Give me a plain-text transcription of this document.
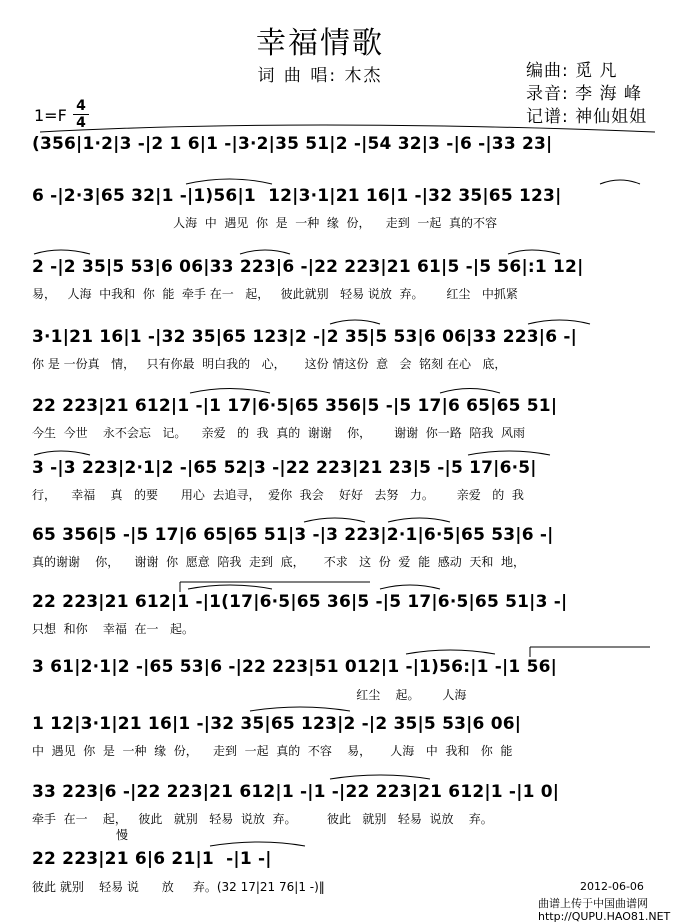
幸福情歌
词 曲 唱: 木杰	编曲: 觅 凡
录音: 李 海 峰
记谱: 神仙姐姐
1=F 4
4
(356|1·2|3 -|2 1 6|1 -|3·2|35 51|2 -|54 32|3 -|6 -|33 23|
6 -|2·3|65 32|1 -|1)56|1  12|3·1|21 16|1 -|32 35|65 123|
人海  中  遇见  你  是  一种  缘  份，    走到  一起  真的不容
2 -|2 35|5 53|6 06|33 223|6 -|22 223|21 61|5 -|5 56|:1 12|
易，   人海  中我和  你  能  牵手 在一   起，   彼此就别   轻易 说放  弃。      红尘   中抓紧
3·1|21 16|1 -|32 35|65 123|2 -|2 35|5 53|6 06|33 223|6 -|
你 是 一份真   情，   只有你最  明白我的   心，     这份 情这份  意   会  铭刻 在心   底，
22 223|21 612|1 -|1 17|6·5|65 356|5 -|5 17|6 65|65 51|
今生  今世    永不会忘   记。    亲爱   的  我  真的  谢谢    你，      谢谢  你一路  陪我  风雨
3 -|3 223|2·1|2 -|65 52|3 -|22 223|21 23|5 -|5 17|6·5|
行，    幸福    真   的要      用心  去追寻，  爱你  我会    好好   去努   力。      亲爱   的  我
65 356|5 -|5 17|6 65|65 51|3 -|3 223|2·1|6·5|65 53|6 -|
真的谢谢    你，    谢谢  你  愿意  陪我  走到  底，     不求   这  份  爱  能  感动  天和  地，
22 223|21 612|1 -|1(17|6·5|65 36|5 -|5 17|6·5|65 51|3 -|
只想  和你    幸福  在一   起。
3 61|2·1|2 -|65 53|6 -|22 223|51 012|1 -|1)56:|1 -|1 56|
红尘    起。      人海
1 12|3·1|21 16|1 -|32 35|65 123|2 -|2 35|5 53|6 06|
中  遇见  你  是  一种  缘  份，    走到  一起  真的  不容    易，     人海   中  我和   你  能
33 223|6 -|22 223|21 612|1 -|1 -|22 223|21 612|1 -|1 0|
牵手  在一    起，   彼此   就别   轻易  说放  弃。        彼此   就别   轻易  说放    弃。
慢
22 223|21 6|6 21|1  -|1 -|
彼此 就别    轻易 说      放     弃。(32 17|21 76|1 -)‖	2012-06-06
曲谱上传于中国曲谱网
http://QUPU.HAO81.NET
